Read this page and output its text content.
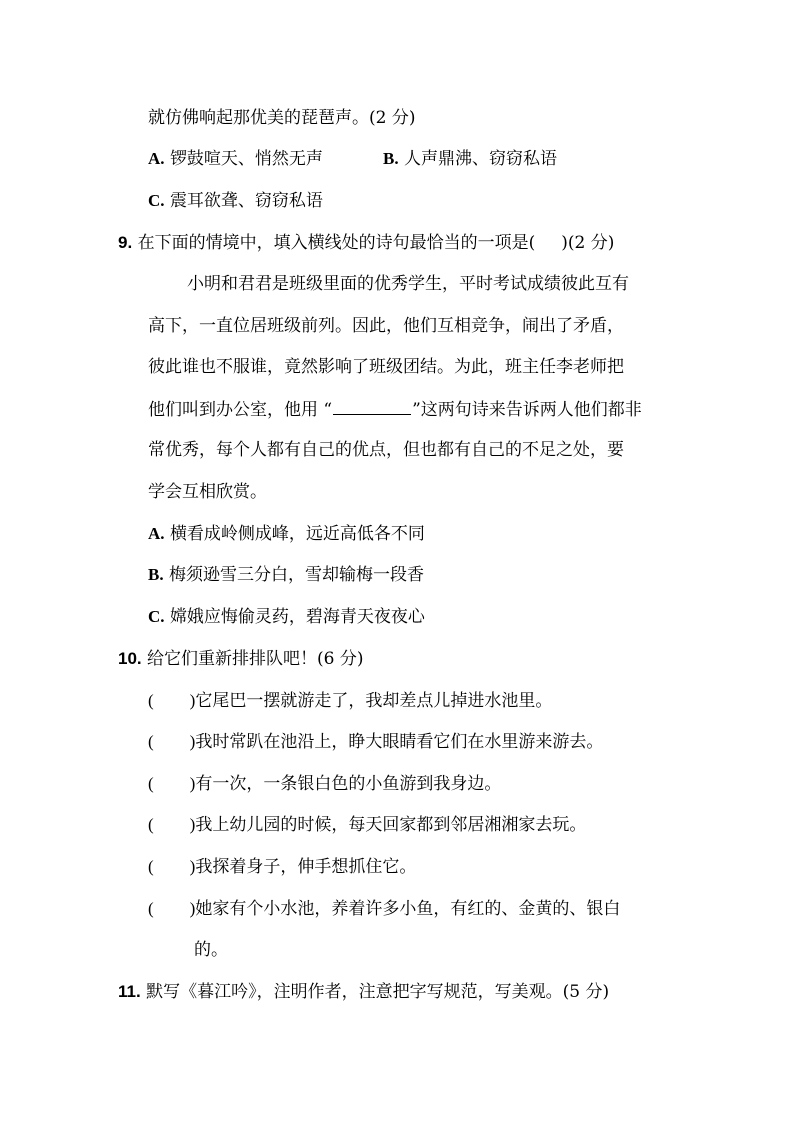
就仿佛响起那优美的琵琶声。(2 分)
A. 锣鼓喧天、悄然无声	B. 人声鼎沸、窃窃私语
C. 震耳欲聋、窃窃私语
9. 在下面的情境中，填入横线处的诗句最恰当的一项是( )(2 分)
小明和君君是班级里面的优秀学生，平时考试成绩彼此互有
高下，一直位居班级前列。因此，他们互相竞争，闹出了矛盾，
彼此谁也不服谁，竟然影响了班级团结。为此，班主任李老师把
他们叫到办公室，他用 “	”这两句诗来告诉两人他们都非
常优秀，每个人都有自己的优点，但也都有自己的不足之处，要
学会互相欣赏。
A. 横看成岭侧成峰，远近高低各不同
B. 梅须逊雪三分白，雪却输梅一段香
C. 嫦娥应悔偷灵药，碧海青天夜夜心
10. 给它们重新排排队吧！(6 分)
( )它尾巴一摆就游走了，我却差点儿掉进水池里。
( )我时常趴在池沿上，睁大眼睛看它们在水里游来游去。
( )有一次，一条银白色的小鱼游到我身边。
( )我上幼儿园的时候，每天回家都到邻居湘湘家去玩。
( )我探着身子，伸手想抓住它。
( )她家有个小水池，养着许多小鱼，有红的、金黄的、银白
的。
11. 默写《暮江吟》，注明作者，注意把字写规范，写美观。(5 分)
